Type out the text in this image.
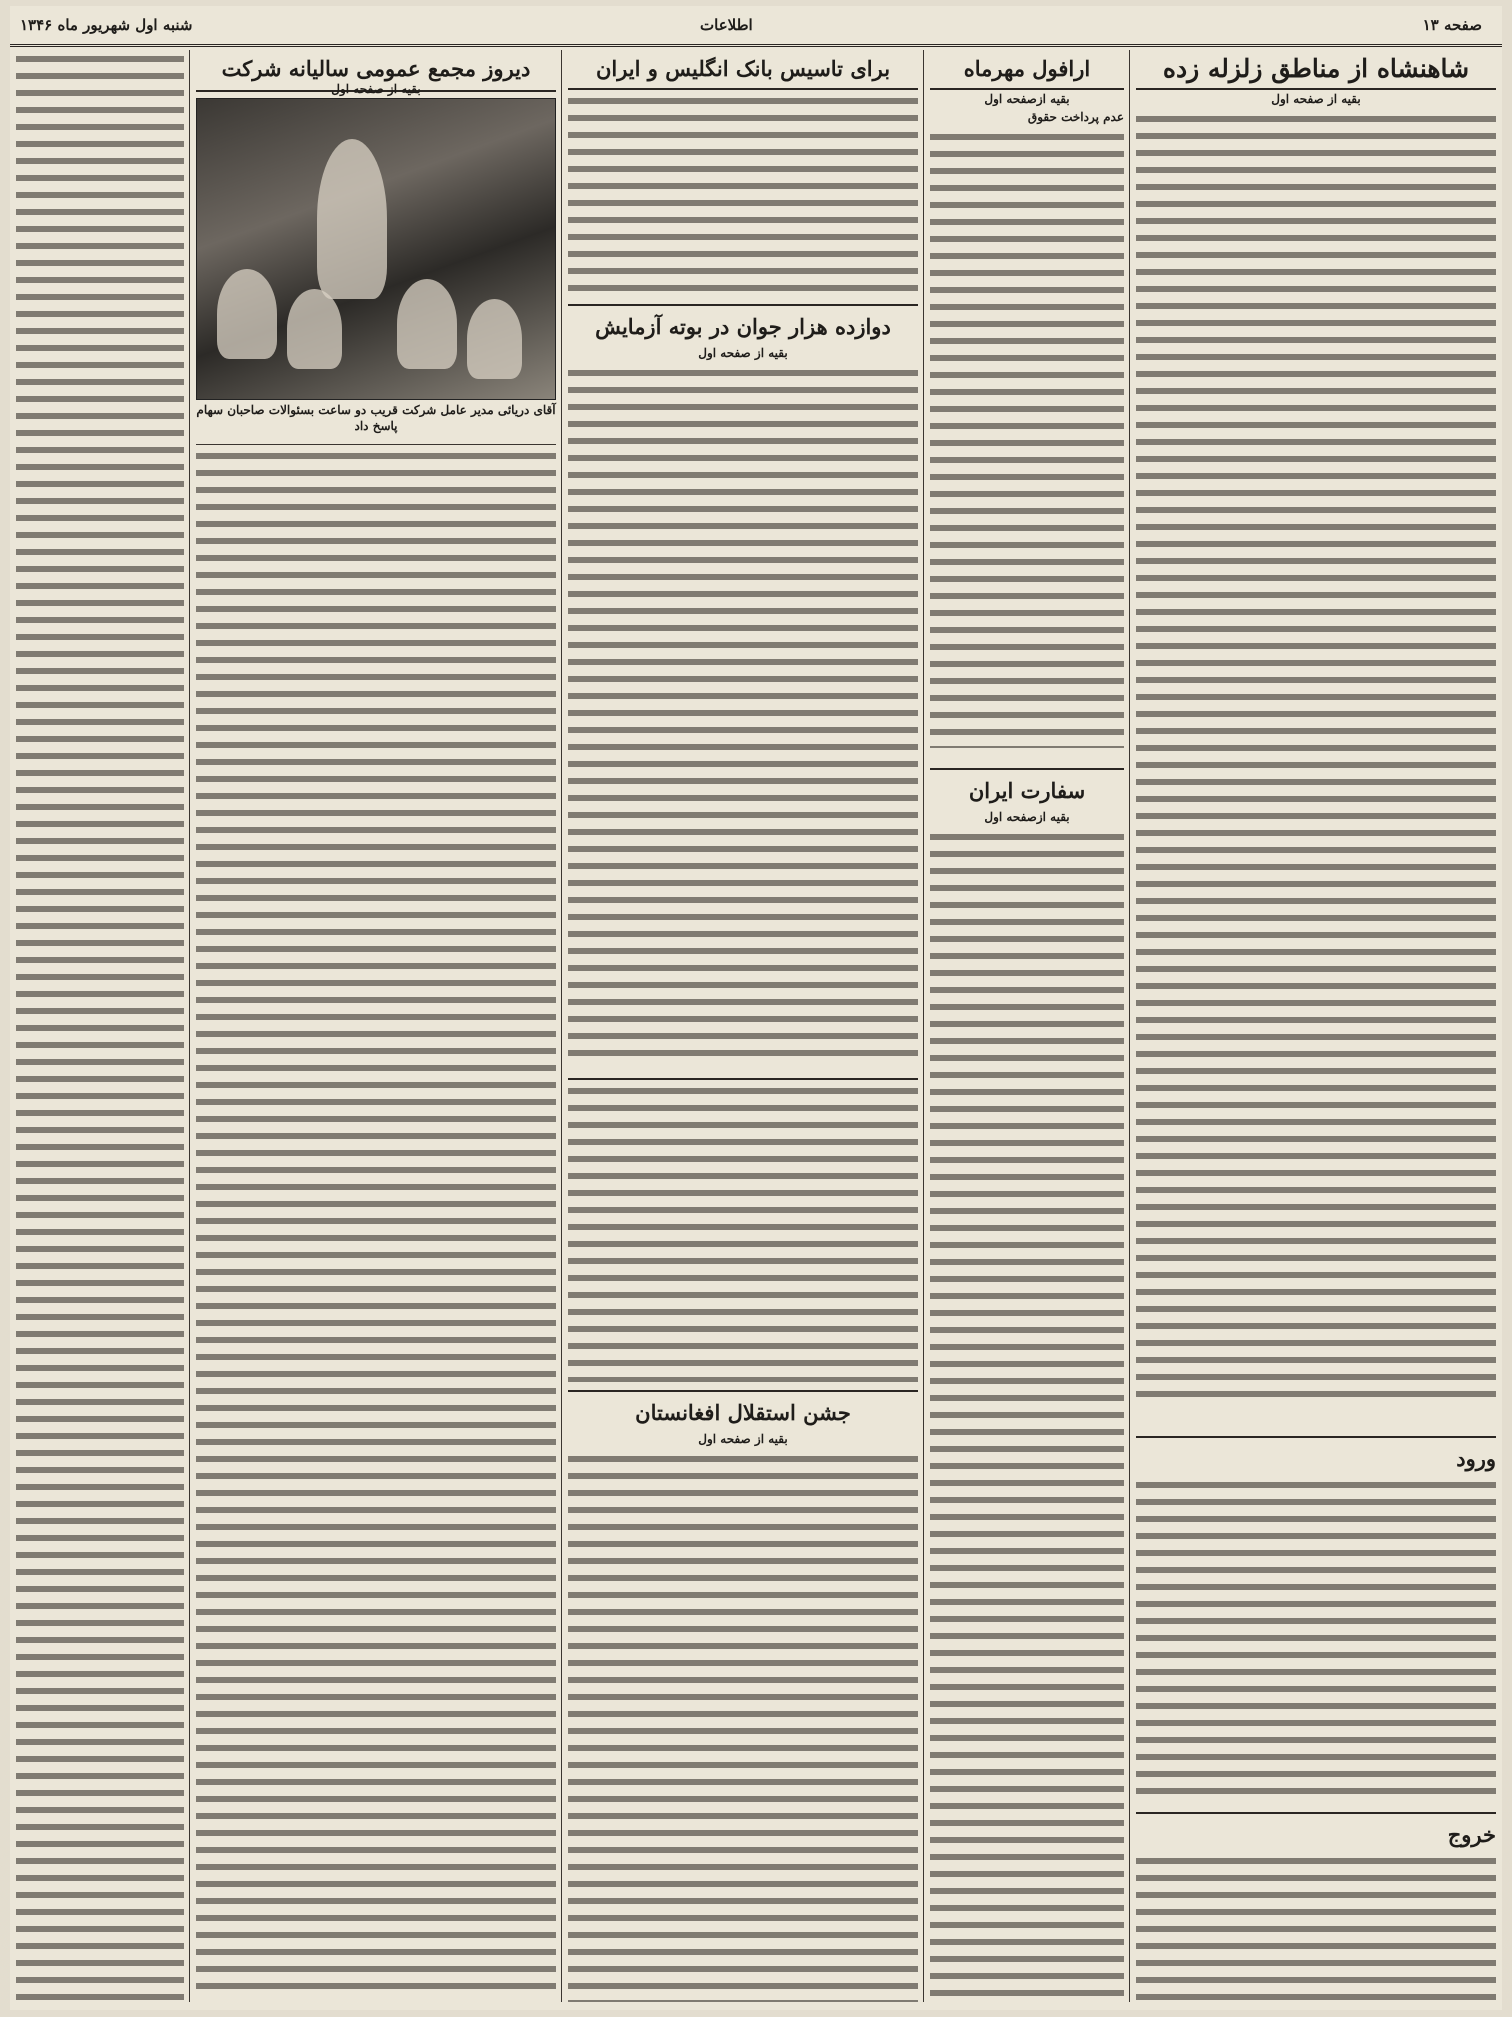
صفحه ۱۳
اطلاعات
شنبه اول شهریور ماه ۱۳۴۶
شاهنشاه از مناطق زلزله زده
بقیه از صفحه اول
ورود
خروج
ارافول مهرماه
بقیه ازصفحه اول
عدم پرداخت حقوق
سفارت ایران
بقیه ازصفحه اول
برای تاسیس بانک انگلیس و ایران
دوازده هزار جوان در بوته آزمایش
بقیه از صفحه اول
جشن استقلال افغانستان
بقیه از صفحه اول
دیروز مجمع عمومی سالیانه شرکت
بقیه از صفحه اول
آقای دریائی مدیر عامل شرکت قریب دو ساعت بسئوالات صاحبان سهام پاسخ داد
